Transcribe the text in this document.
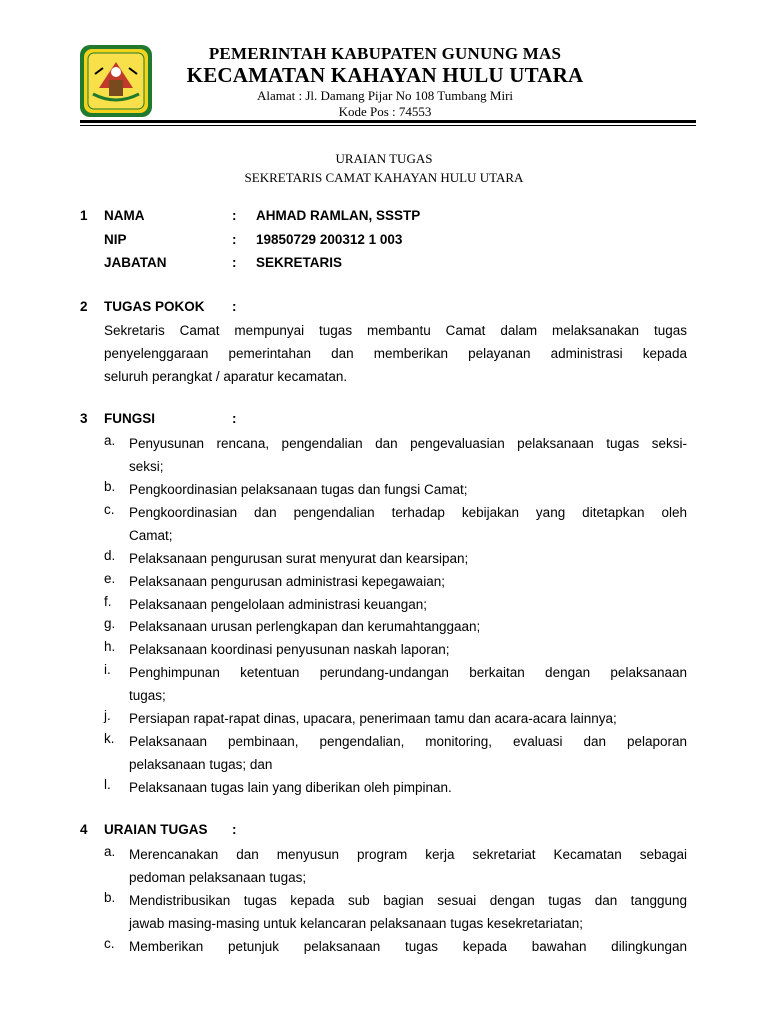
PEMERINTAH KABUPATEN GUNUNG MAS
KECAMATAN KAHAYAN HULU UTARA
Alamat : Jl. Damang Pijar No 108 Tumbang Miri
Kode Pos : 74553
URAIAN TUGAS
SEKRETARIS CAMAT KAHAYAN HULU UTARA
1 NAMA	: AHMAD RAMLAN, SSSTP
NIP	: 19850729 200312 1 003
JABATAN	: SEKRETARIS
2 TUGAS POKOK :
Sekretaris Camat mempunyai tugas membantu Camat dalam melaksanakan tugas
penyelenggaraan pemerintahan dan memberikan pelayanan administrasi kepada
seluruh perangkat / aparatur kecamatan.
3 FUNGSI	:
a. Penyusunan rencana, pengendalian dan pengevaluasian pelaksanaan tugas seksi-
seksi;
b. Pengkoordinasian pelaksanaan tugas dan fungsi Camat;
c. Pengkoordinasian dan pengendalian terhadap kebijakan yang ditetapkan oleh
Camat;
d. Pelaksanaan pengurusan surat menyurat dan kearsipan;
e. Pelaksanaan pengurusan administrasi kepegawaian;
f. Pelaksanaan pengelolaan administrasi keuangan;
g. Pelaksanaan urusan perlengkapan dan kerumahtanggaan;
h. Pelaksanaan koordinasi penyusunan naskah laporan;
i. Penghimpunan ketentuan perundang-undangan berkaitan dengan pelaksanaan
tugas;
j. Persiapan rapat-rapat dinas, upacara, penerimaan tamu dan acara-acara lainnya;
k. Pelaksanaan pembinaan, pengendalian, monitoring, evaluasi dan pelaporan
pelaksanaan tugas; dan
l. Pelaksanaan tugas lain yang diberikan oleh pimpinan.
4 URAIAN TUGAS :
a. Merencanakan dan menyusun program kerja sekretariat Kecamatan sebagai
pedoman pelaksanaan tugas;
b. Mendistribusikan tugas kepada sub bagian sesuai dengan tugas dan tanggung
jawab masing-masing untuk kelancaran pelaksanaan tugas kesekretariatan;
c. Memberikan petunjuk pelaksanaan tugas kepada bawahan dilingkungan
